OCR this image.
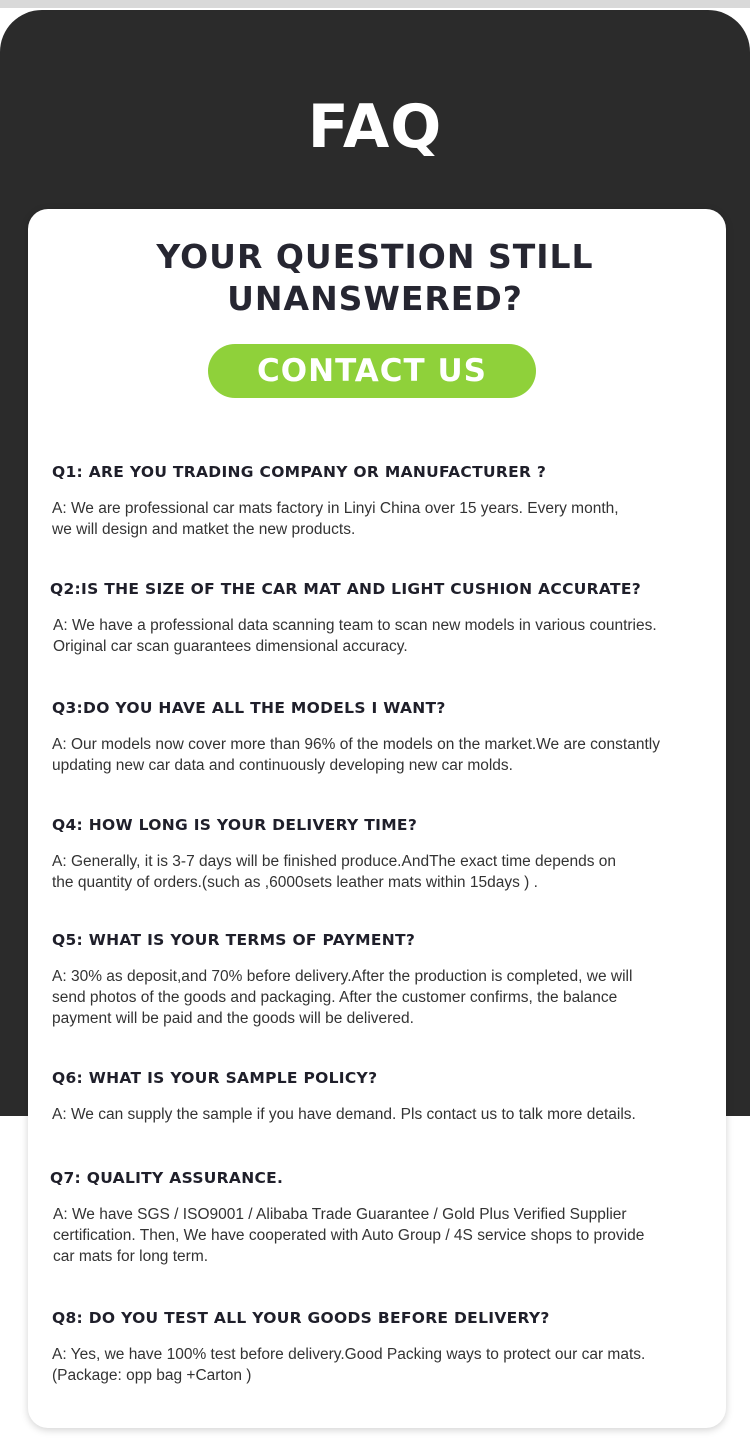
FAQ
YOUR QUESTION STILL
UNANSWERED?
CONTACT US
Q1: ARE YOU TRADING COMPANY OR MANUFACTURER ?
A: We are professional car mats factory in Linyi China over 15 years. Every month,
we will design and matket the new products.
Q2:IS THE SIZE OF THE CAR MAT AND LIGHT CUSHION ACCURATE?
A: We have a professional data scanning team to scan new models in various countries.
Original car scan guarantees dimensional accuracy.
Q3:DO YOU HAVE ALL THE MODELS I WANT?
A: Our models now cover more than 96% of the models on the market.We are constantly
updating new car data and continuously developing new car molds.
Q4: HOW LONG IS YOUR DELIVERY TIME?
A: Generally, it is 3-7 days will be finished produce.AndThe exact time depends on
the quantity of orders.(such as ,6000sets leather mats within 15days ) .
Q5: WHAT IS YOUR TERMS OF PAYMENT?
A: 30% as deposit,and 70% before delivery.After the production is completed, we will
send photos of the goods and packaging. After the customer confirms, the balance
payment will be paid and the goods will be delivered.
Q6: WHAT IS YOUR SAMPLE POLICY?
A: We can supply the sample if you have demand. Pls contact us to talk more details.
Q7: QUALITY ASSURANCE.
A: We have SGS / ISO9001 / Alibaba Trade Guarantee / Gold Plus Verified Supplier
certification. Then, We have cooperated with Auto Group / 4S service shops to provide
car mats for long term.
Q8: DO YOU TEST ALL YOUR GOODS BEFORE DELIVERY?
A: Yes, we have 100% test before delivery.Good Packing ways to protect our car mats.
(Package: opp bag +Carton )
